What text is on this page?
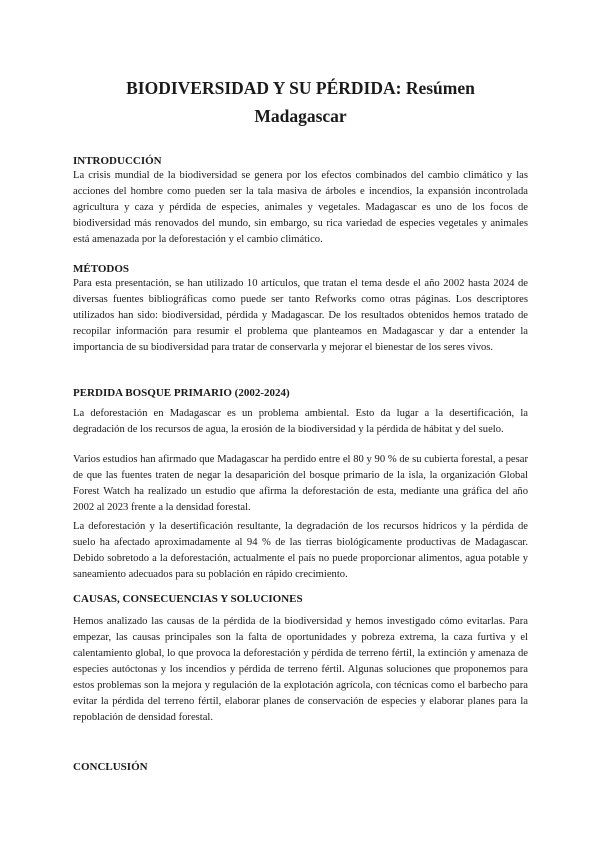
BIODIVERSIDAD Y SU PÉRDIDA: Resúmen
Madagascar
INTRODUCCIÓN

La crisis mundial de la biodiversidad se genera por los efectos combinados del cambio climático y las acciones del hombre como pueden ser la tala masiva de árboles e incendios, la expansión incontrolada agricultura y caza y pérdida de especies, animales y vegetales. Madagascar es uno de los focos de biodiversidad más renovados del mundo, sin embargo, su rica variedad de especies vegetales y animales está amenazada por la deforestación y el cambio climático.

MÉTODOS

Para esta presentación, se han utilizado 10 artículos, que tratan el tema desde el año 2002 hasta 2024 de diversas fuentes bibliográficas como puede ser tanto Refworks como otras páginas. Los descriptores utilizados han sido: biodiversidad, pérdida y Madagascar. De los resultados obtenidos hemos tratado de recopilar información para resumir el problema que planteamos en Madagascar y dar a entender la importancia de su biodiversidad para tratar de conservarla y mejorar el bienestar de los seres vivos.

PERDIDA BOSQUE PRIMARIO (2002-2024)

La deforestación en Madagascar es un problema ambiental. Esto da lugar a la desertificación, la degradación de los recursos de agua, la erosión de la biodiversidad y la pérdida de hábitat y del suelo.

Varios estudios han afirmado que Madagascar ha perdido entre el 80 y 90 % de su cubierta forestal, a pesar de que las fuentes traten de negar la desaparición del bosque primario de la isla, la organización Global Forest Watch ha realizado un estudio que afirma la deforestación de esta, mediante una gráfica del año 2002 al 2023 frente a la densidad forestal.

La deforestación y la desertificación resultante, la degradación de los recursos hídricos y la pérdida de suelo ha afectado aproximadamente al 94 % de las tierras biológicamente productivas de Madagascar. Debido sobretodo a la deforestación, actualmente el país no puede proporcionar alimentos, agua potable y saneamiento adecuados para su población en rápido crecimiento.

CAUSAS, CONSECUENCIAS Y SOLUCIONES

Hemos analizado las causas de la pérdida de la biodiversidad y hemos investigado cómo evitarlas. Para empezar, las causas principales son la falta de oportunidades y pobreza extrema, la caza furtiva y el calentamiento global, lo que provoca la deforestación y pérdida de terreno fértil, la extinción y amenaza de especies autóctonas y los incendios y pérdida de terreno fértil. Algunas soluciones que proponemos para estos problemas son la mejora y regulación de la explotación agrícola, con técnicas como el barbecho para evitar la pérdida del terreno fértil, elaborar planes de conservación de especies y elaborar planes para la repoblación de densidad forestal.

CONCLUSIÓN
